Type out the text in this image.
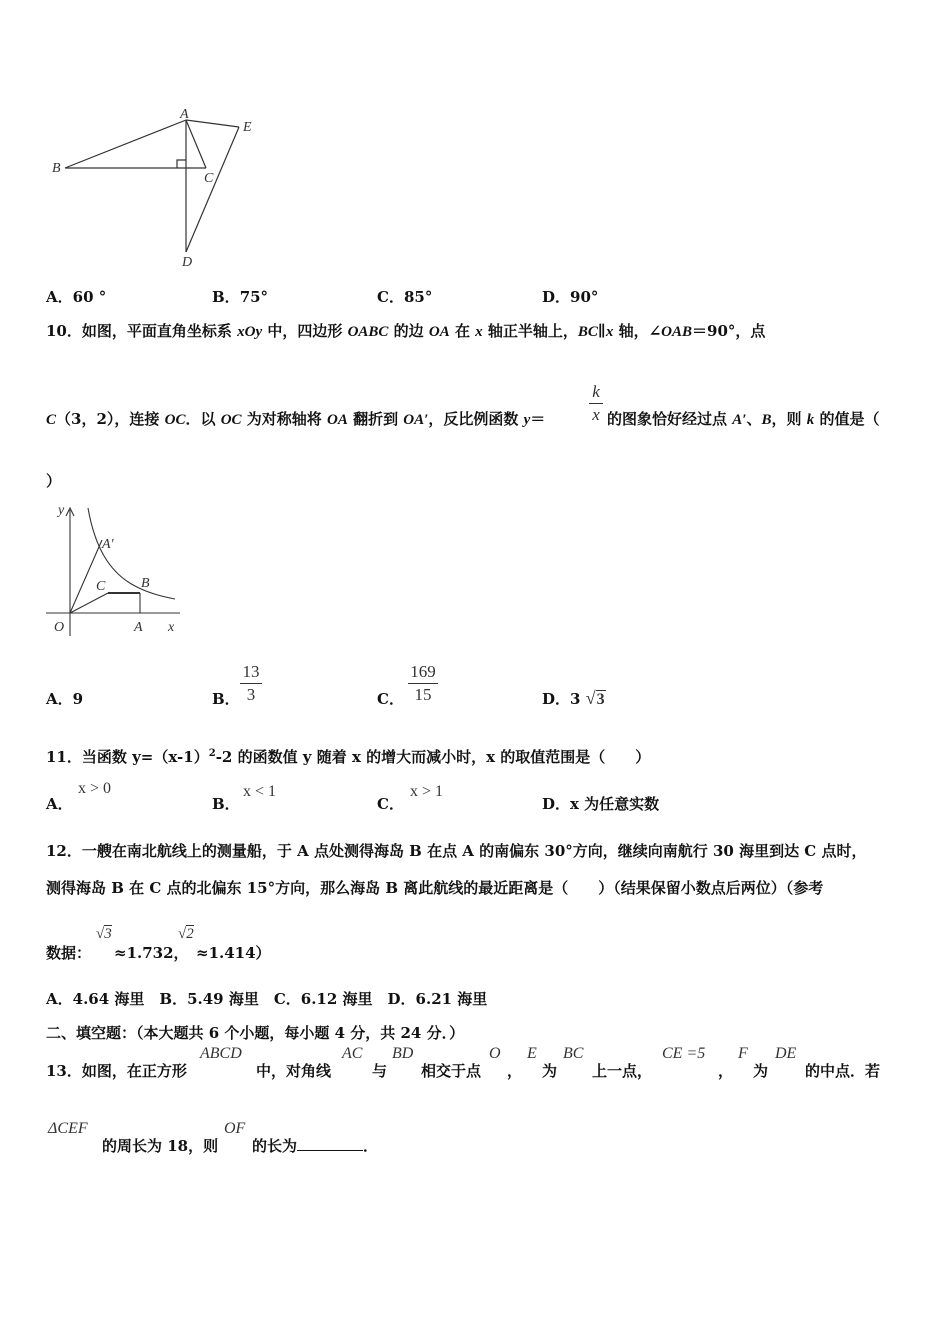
A
B
C
D
E
A．60 °	B．75°	C．85°	D．90°
10．如图，平面直角坐标系 xOy 中，四边形 OABC 的边 OA 在 x 轴正半轴上，BC∥x 轴，∠OAB＝90°，点
C（3，2），连接 OC．以 OC 为对称轴将 OA 翻折到 OA′，反比例函数 y＝
k
x 的图象恰好经过点 A′、B，则 k 的值是（
）
y
x
O	A
B
C
A′
A．9	B．
13
3	C．
169
15	D．3 √3
11．当函数 $y=(x-1)^2-2$ 的函数值 y 随着 x 的增大而减小时，x 的取值范围是（　　）
A．
x > 0
B．
x < 1
C．
x > 1
D．x 为任意实数
12．一艘在南北航线上的测量船，于 A 点处测得海岛 B 在点 A 的南偏东 30°方向，继续向南航行 30 海里到达 C 点时，
测得海岛 B 在 C 点的北偏东 15°方向，那么海岛 B 离此航线的最近距离是（　　）（结果保留小数点后两位）（参考
数据：
√3
≈1.732，
√2
≈1.414）
A．4.64 海里　B．5.49 海里　C．6.12 海里　D．6.21 海里
二、填空题：（本大题共 6 个小题，每小题 4 分，共 24 分．）
13．如图，在正方形
ABCD
中，对角线
AC
与
BD
相交于点
O
，
E
为
BC
上一点，
CE =5
，
F
为
DE
的中点．若
ΔCEF
的周长为 18，则
OF
的长为	．
